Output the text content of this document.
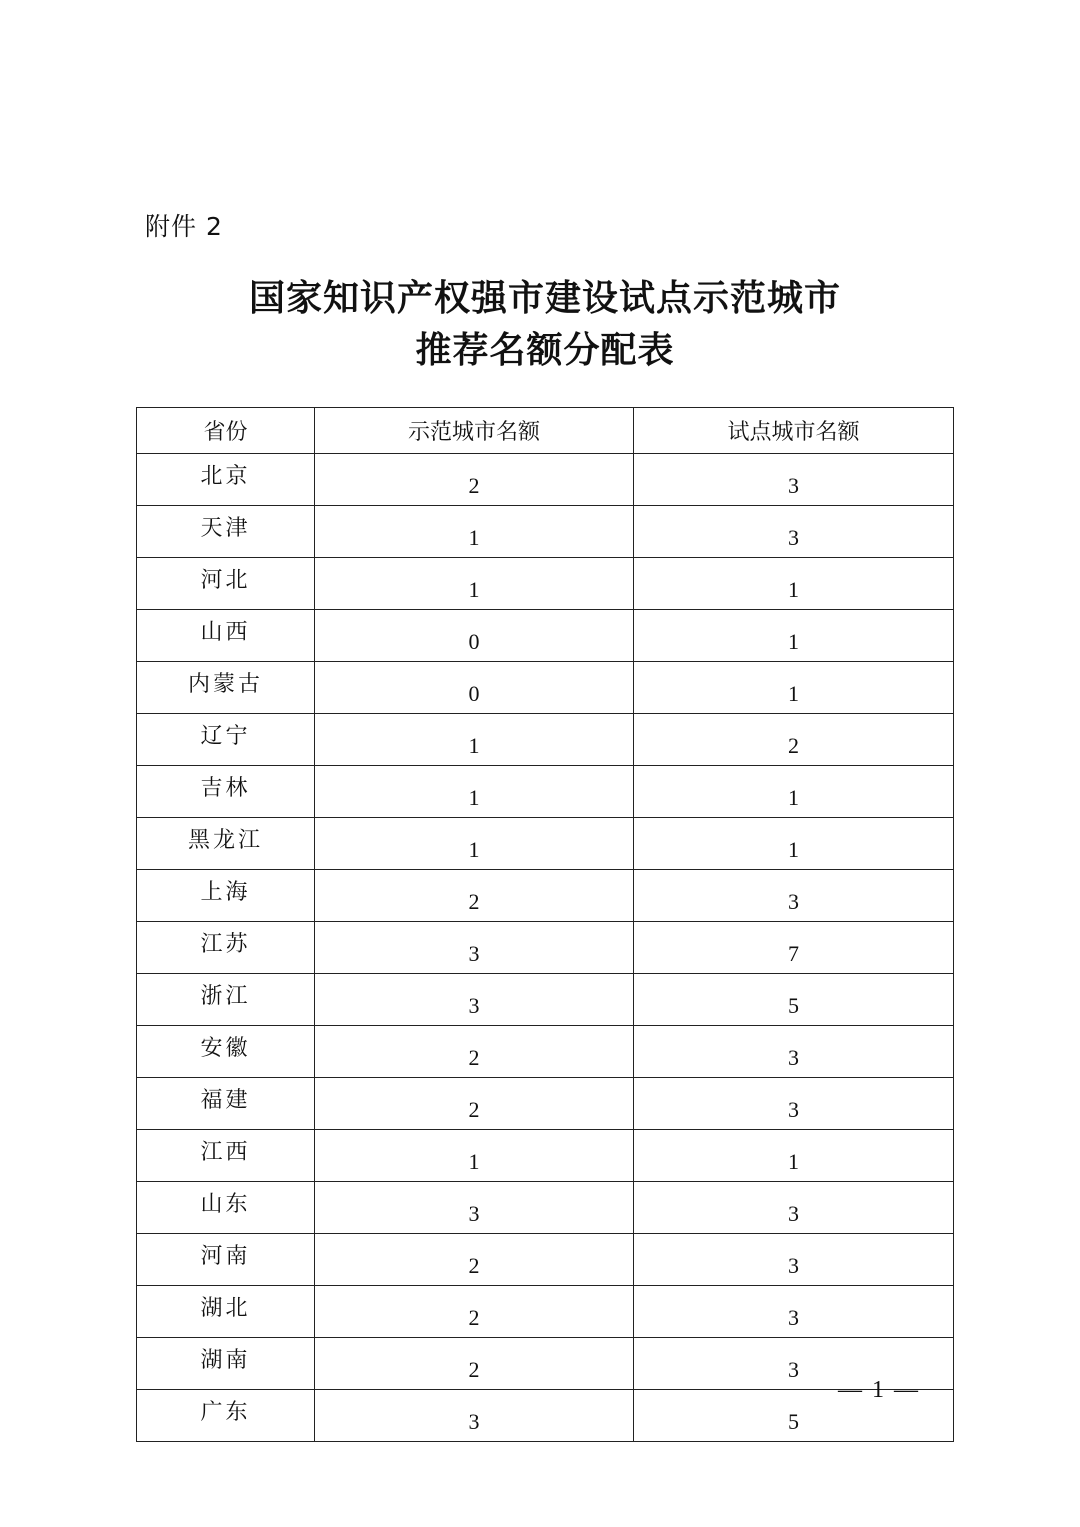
附件 2
国家知识产权强市建设试点示范城市
推荐名额分配表
省份	示范城市名额	试点城市名额
北京	2	3
天津	1	3
河北	1	1
山西	0	1
内蒙古	0	1
辽宁	1	2
吉林	1	1
黑龙江	1	1
上海	2	3
江苏	3	7
浙江	3	5
安徽	2	3
福建	2	3
江西	1	1
山东	3	3
河南	2	3
湖北	2	3
湖南	2	3
广东	3	5
— 1 —
